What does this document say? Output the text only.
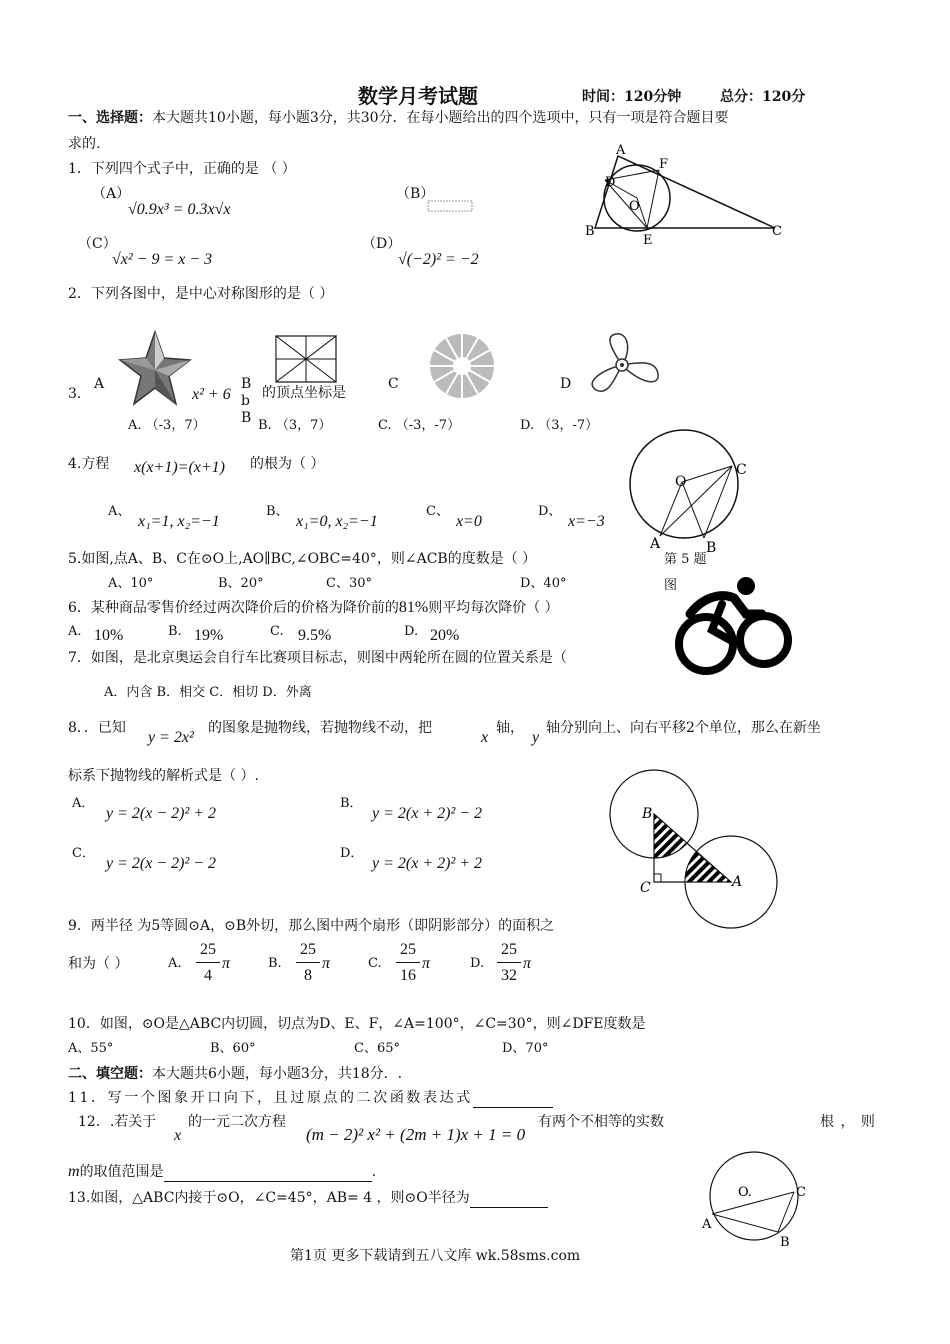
数学月考试题	时间：120分钟	总分：120分
一、选择题：本大题共10小题，每小题3分，共30分．在每小题给出的四个选项中，只有一项是符合题目要
求的.
1．下列四个式子中，正确的是 （ ）
（A）
√0.9x³ = 0.3x√x
（B）
（C）
√x² − 9 = x − 3
（D）
√(−2)² = −2
A
B	C
D
E
F
O
2．下列各图中，是中心对称图形的是（ ）
A	B
b
B
C	D
3．	x² + 6 的顶点坐标是
A. （-3，7）	B. （3，7）	C. （-3，-7）	D. （3，-7）
4.方程 x(x+1)=(x+1) 的根为（ ）
A、
x₁=1, x₂=−1
B、
x₁=0, x₂=−1
C、
x=0
D、
x=−3
O
C
A	B
第 5 题
图
5.如图,点A、B、C在⊙O上,AO∥BC,∠OBC=40°，则∠ACB的度数是（ ）
A、10°	B、20°	C、30°	D、40°
6．某种商品零售价经过两次降价后的价格为降价前的81%则平均每次降价（ ）
A. 10%	B. 19%	C. 9.5%	D. 20%
7．如图，是北京奥运会自行车比赛项目标志，则图中两轮所在圆的位置关系是（
A．内含 B．相交 C．相切 D．外离
8．．已知
y = 2x²
的图象是抛物线，若抛物线不动，把
x
轴，
y
轴分别向上、向右平移2个单位，那么在新坐
标系下抛物线的解析式是（ ）.
A．
y = 2(x − 2)² + 2
B．
y = 2(x + 2)² − 2
C．
y = 2(x − 2)² − 2
D．
y = 2(x + 2)² + 2
B
C	A
9．两半径 为5等圆⊙A，⊙B外切，那么图中两个扇形（即阴影部分）的面积之
和为（ ）	A.
25
4
π	B.
25
8
π	C.
25
16
π	D.
25
32
π
10．如图，⊙O是△ABC内切圆，切点为D、E、F，∠A=100°，∠C=30°，则∠DFE度数是
A、55°	B、60°	C、65°	D、70°
二、填空题：本大题共6小题，每小题3分，共18分．.
11．写一个图象开口向下，且过原点的二次函数表达式
12．.若关于
x
的一元二次方程
(m − 2)² x² + (2m + 1)x + 1 = 0
有两个不相等的实数	根 ， 则
m的取值范围是	.
13.如图，△ABC内接于⊙O，∠C=45°，AB= 4 ，则⊙O半径为	O.	C
A
B
第1页 更多下载请到五八文库 wk.58sms.com
